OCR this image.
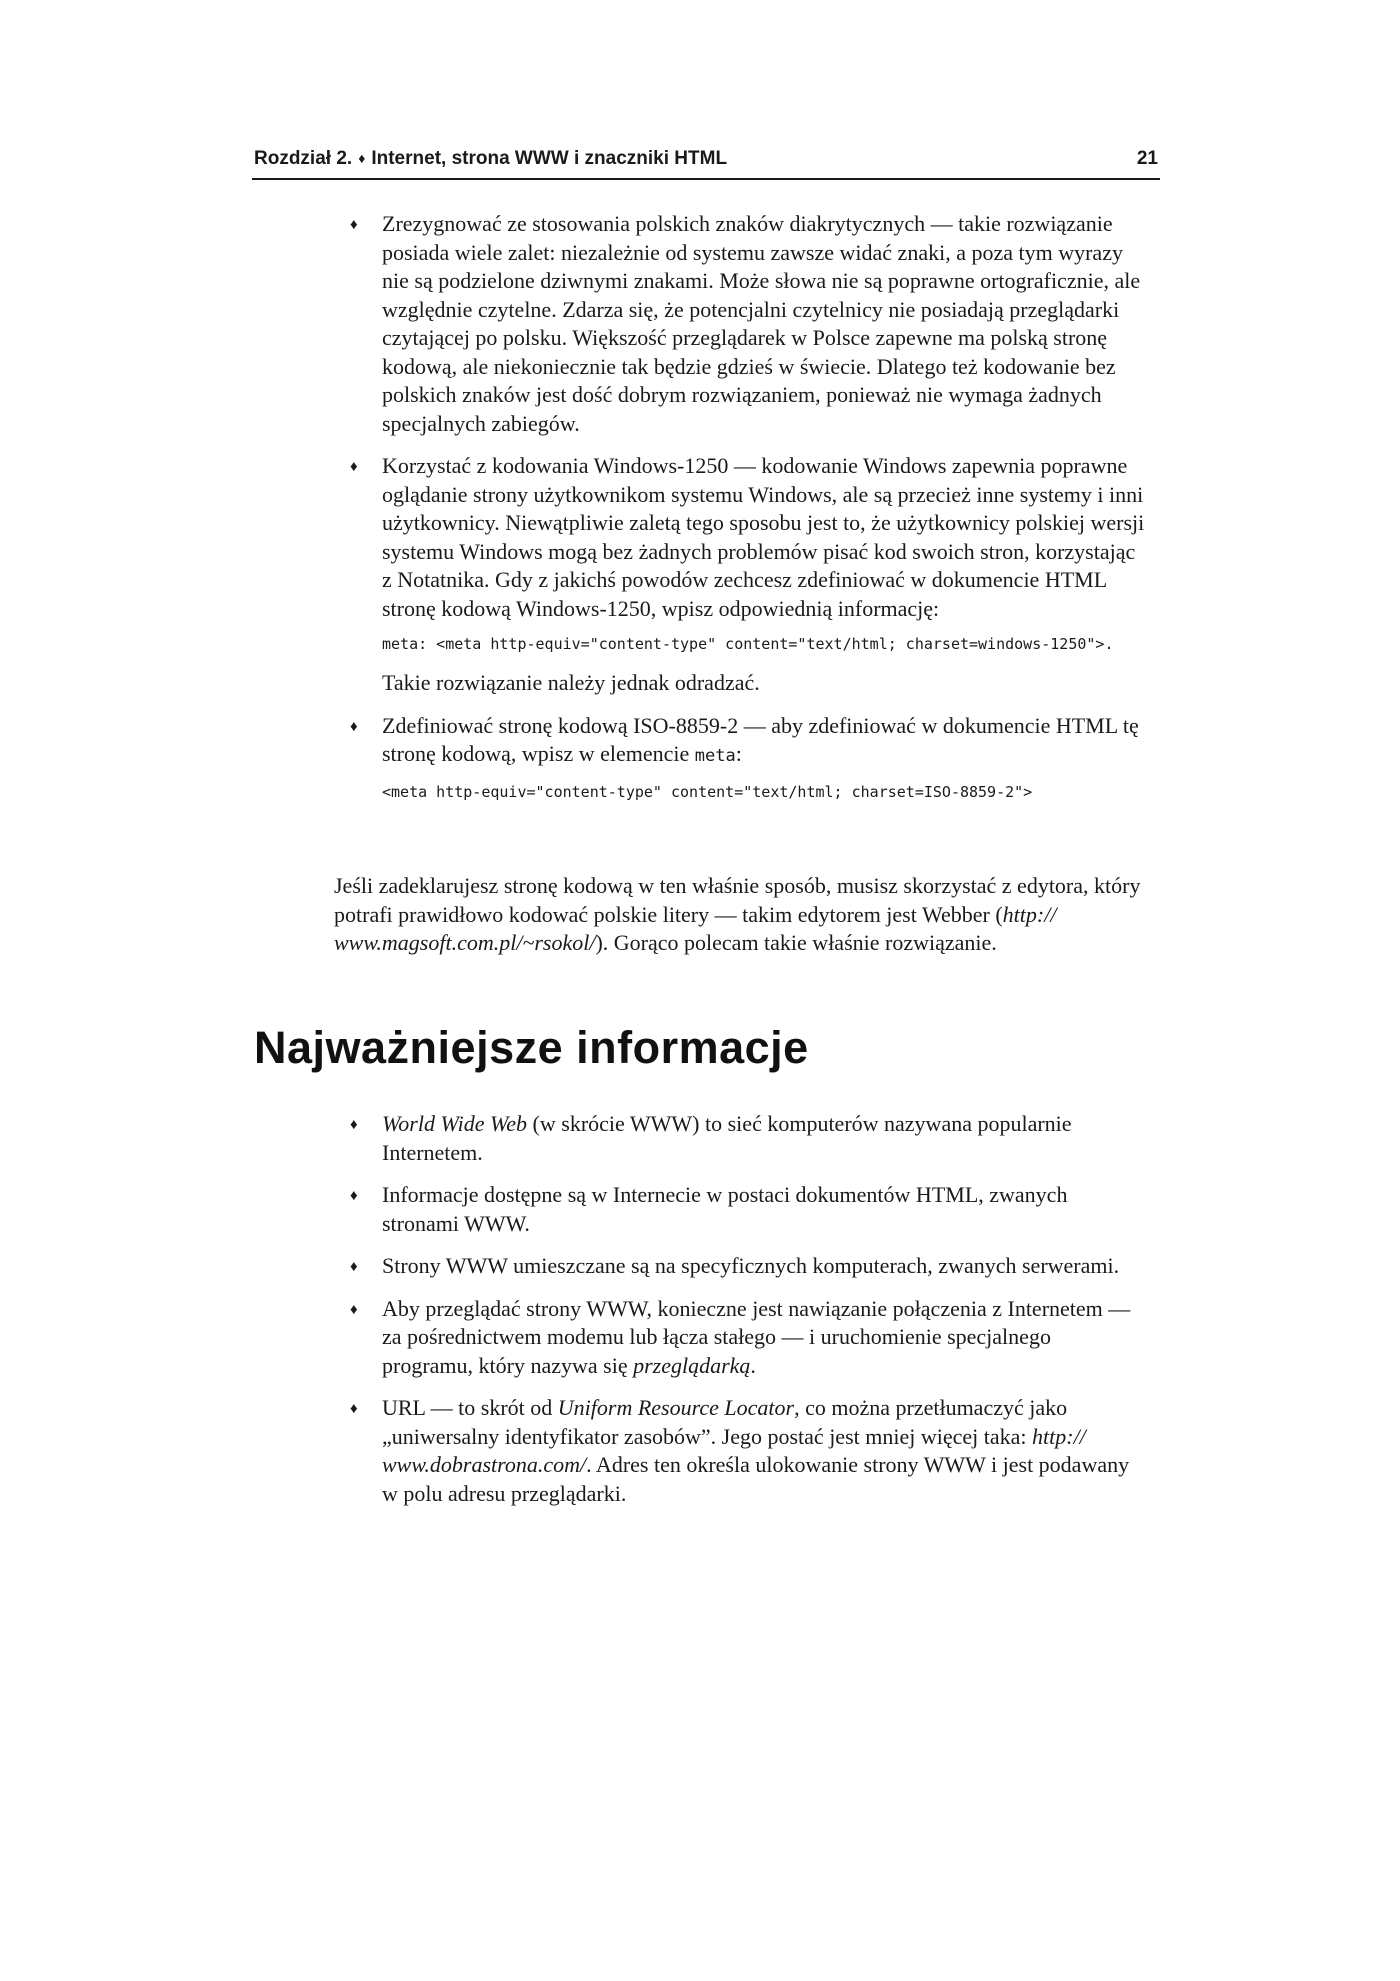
Rozdział 2. ♦ Internet, strona WWW i znaczniki HTML	21
♦ Zrezygnować ze stosowania polskich znaków diakrytycznych — takie rozwiązanie posiada wiele zalet: niezależnie od systemu zawsze widać znaki, a poza tym wyrazy nie są podzielone dziwnymi znakami. Może słowa nie są poprawne ortograficznie, ale względnie czytelne. Zdarza się, że potencjalni czytelnicy nie posiadają przeglądarki czytającej po polsku. Większość przeglądarek w Polsce zapewne ma polską stronę kodową, ale niekoniecznie tak będzie gdzieś w świecie. Dlatego też kodowanie bez polskich znaków jest dość dobrym rozwiązaniem, ponieważ nie wymaga żadnych specjalnych zabiegów.
♦ Korzystać z kodowania Windows-1250 — kodowanie Windows zapewnia poprawne oglądanie strony użytkownikom systemu Windows, ale są przecież inne systemy i inni użytkownicy. Niewątpliwie zaletą tego sposobu jest to, że użytkownicy polskiej wersji systemu Windows mogą bez żadnych problemów pisać kod swoich stron, korzystając z Notatnika. Gdy z jakichś powodów zechcesz zdefiniować w dokumencie HTML stronę kodową Windows-1250, wpisz odpowiednią informację:
meta: <meta http-equiv="content-type" content="text/html; charset=windows-1250">.

Takie rozwiązanie należy jednak odradzać.

♦ Zdefiniować stronę kodową ISO-8859-2 — aby zdefiniować w dokumencie HTML tę stronę kodową, wpisz w elemencie meta:
<meta http-equiv="content-type" content="text/html; charset=ISO-8859-2">

Jeśli zadeklarujesz stronę kodową w ten właśnie sposób, musisz skorzystać z edytora, który potrafi prawidłowo kodować polskie litery — takim edytorem jest Webber (http:// www.magsoft.com.pl/~rsokol/). Gorąco polecam takie właśnie rozwiązanie.

Najważniejsze informacje
♦ World Wide Web (w skrócie WWW) to sieć komputerów nazywana popularnie Internetem.
♦ Informacje dostępne są w Internecie w postaci dokumentów HTML, zwanych stronami WWW.
♦ Strony WWW umieszczane są na specyficznych komputerach, zwanych serwerami.
♦ Aby przeglądać strony WWW, konieczne jest nawiązanie połączenia z Internetem — za pośrednictwem modemu lub łącza stałego — i uruchomienie specjalnego programu, który nazywa się przeglądarką.
♦ URL — to skrót od Uniform Resource Locator, co można przetłumaczyć jako „uniwersalny identyfikator zasobów”. Jego postać jest mniej więcej taka: http:// www.dobrastrona.com/. Adres ten określa ulokowanie strony WWW i jest podawany w polu adresu przeglądarki.
